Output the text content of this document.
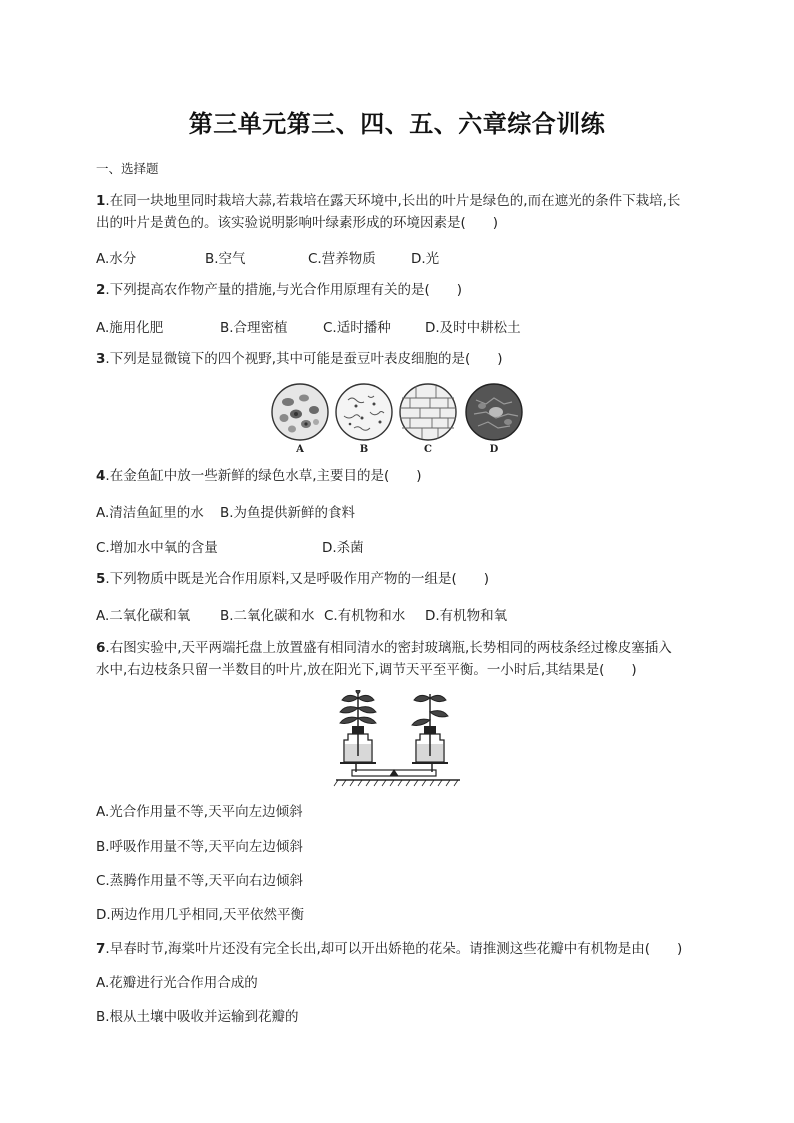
第三单元第三、四、五、六章综合训练
一、选择题
1.在同一块地里同时栽培大蒜,若栽培在露天环境中,长出的叶片是绿色的,而在遮光的条件下栽培,长
出的叶片是黄色的。该实验说明影响叶绿素形成的环境因素是(　　)
A.水分	B.空气	C.营养物质	D.光
2.下列提高农作物产量的措施,与光合作用原理有关的是(　　)
A.施用化肥	B.合理密植	C.适时播种	D.及时中耕松土
3.下列是显微镜下的四个视野,其中可能是蚕豆叶表皮细胞的是(　　)
A	B	C	D
4.在金鱼缸中放一些新鲜的绿色水草,主要目的是(　　)
A.清洁鱼缸里的水 B.为鱼提供新鲜的食料
C.增加水中氧的含量	D.杀菌
5.下列物质中既是光合作用原料,又是呼吸作用产物的一组是(　　)
A.二氧化碳和氧 B.二氧化碳和水 C.有机物和水 D.有机物和氧
6.右图实验中,天平两端托盘上放置盛有相同清水的密封玻璃瓶,长势相同的两枝条经过橡皮塞插入
水中,右边枝条只留一半数目的叶片,放在阳光下,调节天平至平衡。一小时后,其结果是(　　)
A.光合作用量不等,天平向左边倾斜
B.呼吸作用量不等,天平向左边倾斜
C.蒸腾作用量不等,天平向右边倾斜
D.两边作用几乎相同,天平依然平衡
7.早春时节,海棠叶片还没有完全长出,却可以开出娇艳的花朵。请推测这些花瓣中有机物是由(　　)
A.花瓣进行光合作用合成的
B.根从土壤中吸收并运输到花瓣的
